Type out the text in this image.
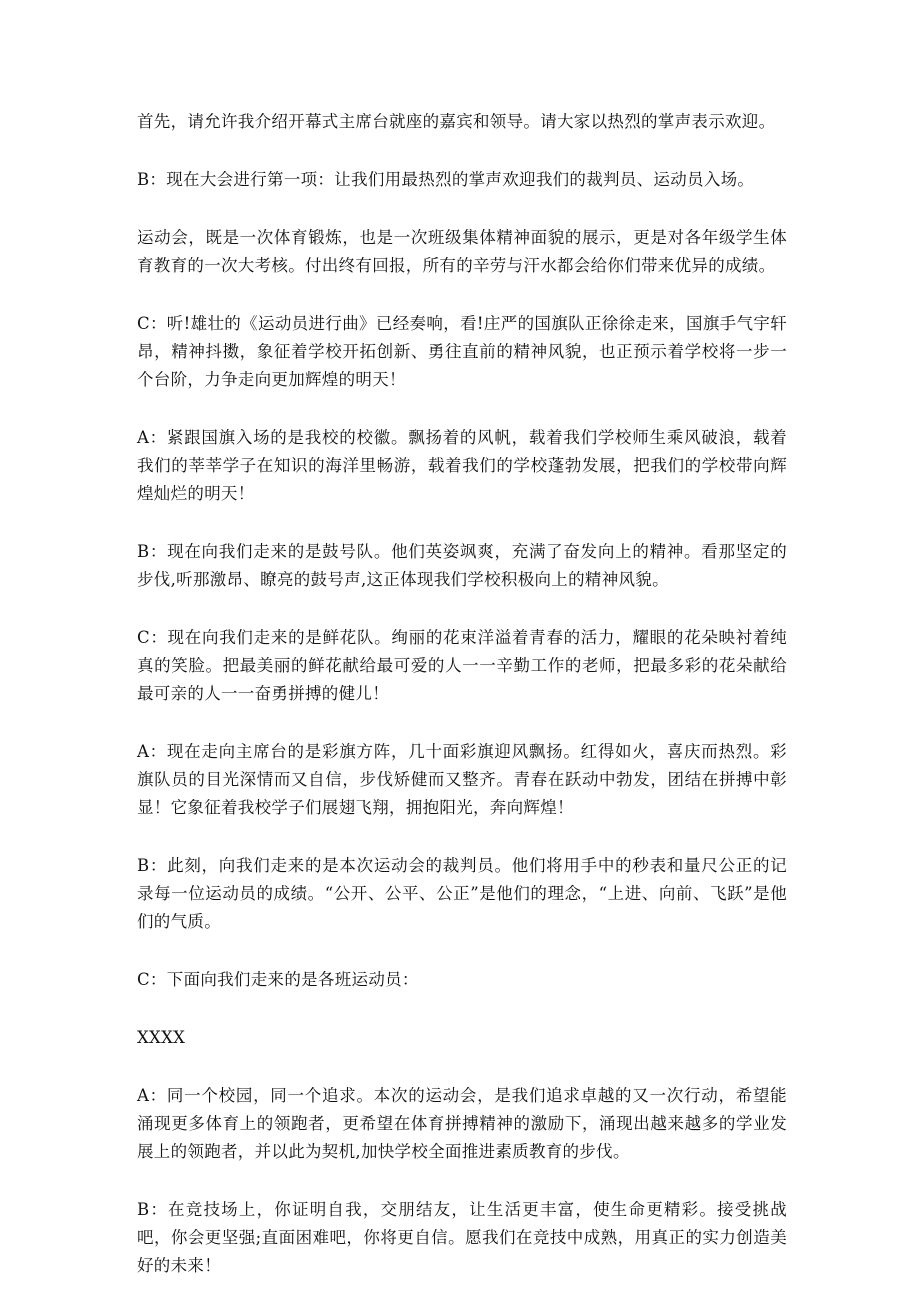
首先，请允许我介绍开幕式主席台就座的嘉宾和领导。请大家以热烈的掌声表示欢迎。

B：现在大会进行第一项：让我们用最热烈的掌声欢迎我们的裁判员、运动员入场。

运动会，既是一次体育锻炼，也是一次班级集体精神面貌的展示，更是对各年级学生体育教育的一次大考核。付出终有回报，所有的辛劳与汗水都会给你们带来优异的成绩。

C：听!雄壮的《运动员进行曲》已经奏响，看!庄严的国旗队正徐徐走来，国旗手气宇轩昂，精神抖擞，象征着学校开拓创新、勇往直前的精神风貌，也正预示着学校将一步一个台阶，力争走向更加辉煌的明天！

A：紧跟国旗入场的是我校的校徽。飘扬着的风帆，载着我们学校师生乘风破浪，载着我们的莘莘学子在知识的海洋里畅游，载着我们的学校蓬勃发展，把我们的学校带向辉煌灿烂的明天！

B：现在向我们走来的是鼓号队。他们英姿飒爽，充满了奋发向上的精神。看那坚定的步伐,听那激昂、瞭亮的鼓号声,这正体现我们学校积极向上的精神风貌。

C：现在向我们走来的是鲜花队。绚丽的花束洋溢着青春的活力，耀眼的花朵映衬着纯真的笑脸。把最美丽的鲜花献给最可爱的人一一辛勤工作的老师，把最多彩的花朵献给最可亲的人一一奋勇拼搏的健儿！

A：现在走向主席台的是彩旗方阵，几十面彩旗迎风飘扬。红得如火，喜庆而热烈。彩旗队员的目光深情而又自信，步伐矫健而又整齐。青春在跃动中勃发，团结在拼搏中彰显！它象征着我校学子们展翅飞翔，拥抱阳光，奔向辉煌！

B：此刻，向我们走来的是本次运动会的裁判员。他们将用手中的秒表和量尺公正的记录每一位运动员的成绩。“公开、公平、公正”是他们的理念，“上进、向前、飞跃”是他们的气质。

C：下面向我们走来的是各班运动员：

XXXX

A：同一个校园，同一个追求。本次的运动会，是我们追求卓越的又一次行动，希望能涌现更多体育上的领跑者，更希望在体育拼搏精神的激励下，涌现出越来越多的学业发展上的领跑者，并以此为契机,加快学校全面推进素质教育的步伐。

B：在竞技场上，你证明自我，交朋结友，让生活更丰富，使生命更精彩。接受挑战吧，你会更坚强;直面困难吧，你将更自信。愿我们在竞技中成熟，用真正的实力创造美好的未来！
